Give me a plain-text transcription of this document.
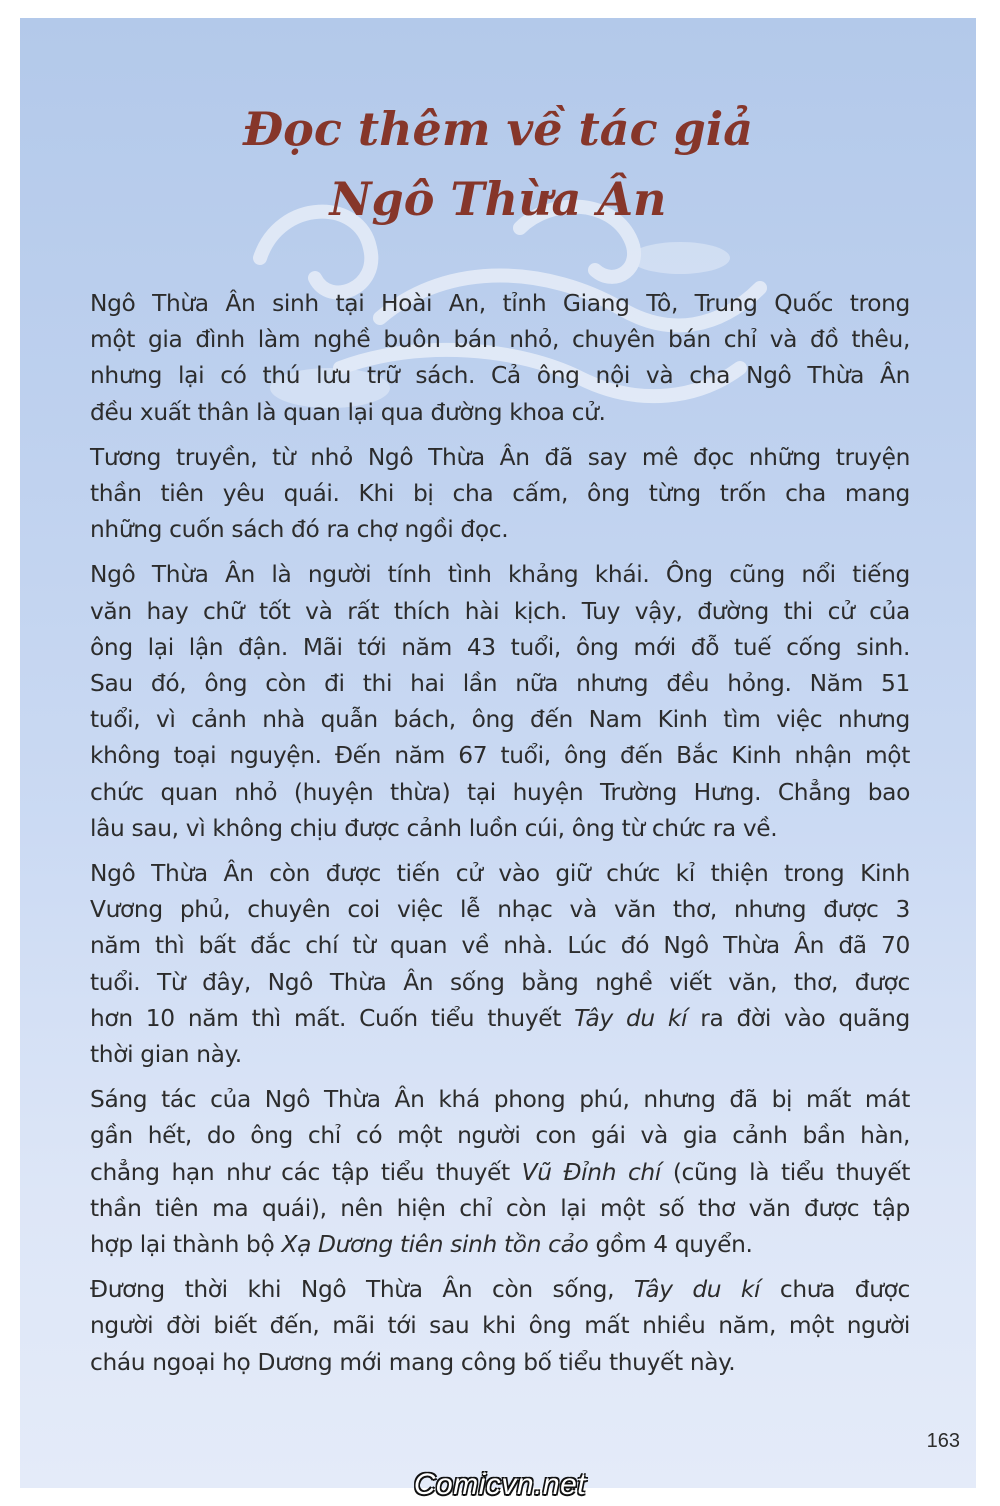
Đọc thêm về tác giả
Ngô Thừa Ân

Ngô Thừa Ân sinh tại Hoài An, tỉnh Giang Tô, Trung Quốc trong
một gia đình làm nghề buôn bán nhỏ, chuyên bán chỉ và đồ thêu,
nhưng lại có thú lưu trữ sách. Cả ông nội và cha Ngô Thừa Ân
đều xuất thân là quan lại qua đường khoa cử.

Tương truyền, từ nhỏ Ngô Thừa Ân đã say mê đọc những truyện
thần tiên yêu quái. Khi bị cha cấm, ông từng trốn cha mang
những cuốn sách đó ra chợ ngồi đọc.

Ngô Thừa Ân là người tính tình khảng khái. Ông cũng nổi tiếng
văn hay chữ tốt và rất thích hài kịch. Tuy vậy, đường thi cử của
ông lại lận đận. Mãi tới năm 43 tuổi, ông mới đỗ tuế cống sinh.
Sau đó, ông còn đi thi hai lần nữa nhưng đều hỏng. Năm 51
tuổi, vì cảnh nhà quẫn bách, ông đến Nam Kinh tìm việc nhưng
không toại nguyện. Đến năm 67 tuổi, ông đến Bắc Kinh nhận một
chức quan nhỏ (huyện thừa) tại huyện Trường Hưng. Chẳng bao
lâu sau, vì không chịu được cảnh luồn cúi, ông từ chức ra về.

Ngô Thừa Ân còn được tiến cử vào giữ chức kỉ thiện trong Kinh
Vương phủ, chuyên coi việc lễ nhạc và văn thơ, nhưng được 3
năm thì bất đắc chí từ quan về nhà. Lúc đó Ngô Thừa Ân đã 70
tuổi. Từ đây, Ngô Thừa Ân sống bằng nghề viết văn, thơ, được
hơn 10 năm thì mất. Cuốn tiểu thuyết Tây du kí ra đời vào quãng
thời gian này.

Sáng tác của Ngô Thừa Ân khá phong phú, nhưng đã bị mất mát
gần hết, do ông chỉ có một người con gái và gia cảnh bần hàn,
chẳng hạn như các tập tiểu thuyết Vũ Đỉnh chí (cũng là tiểu thuyết
thần tiên ma quái), nên hiện chỉ còn lại một số thơ văn được tập
hợp lại thành bộ Xạ Dương tiên sinh tồn cảo gồm 4 quyển.

Đương thời khi Ngô Thừa Ân còn sống, Tây du kí chưa được
người đời biết đến, mãi tới sau khi ông mất nhiều năm, một người
cháu ngoại họ Dương mới mang công bố tiểu thuyết này.

163
Comicvn.net
